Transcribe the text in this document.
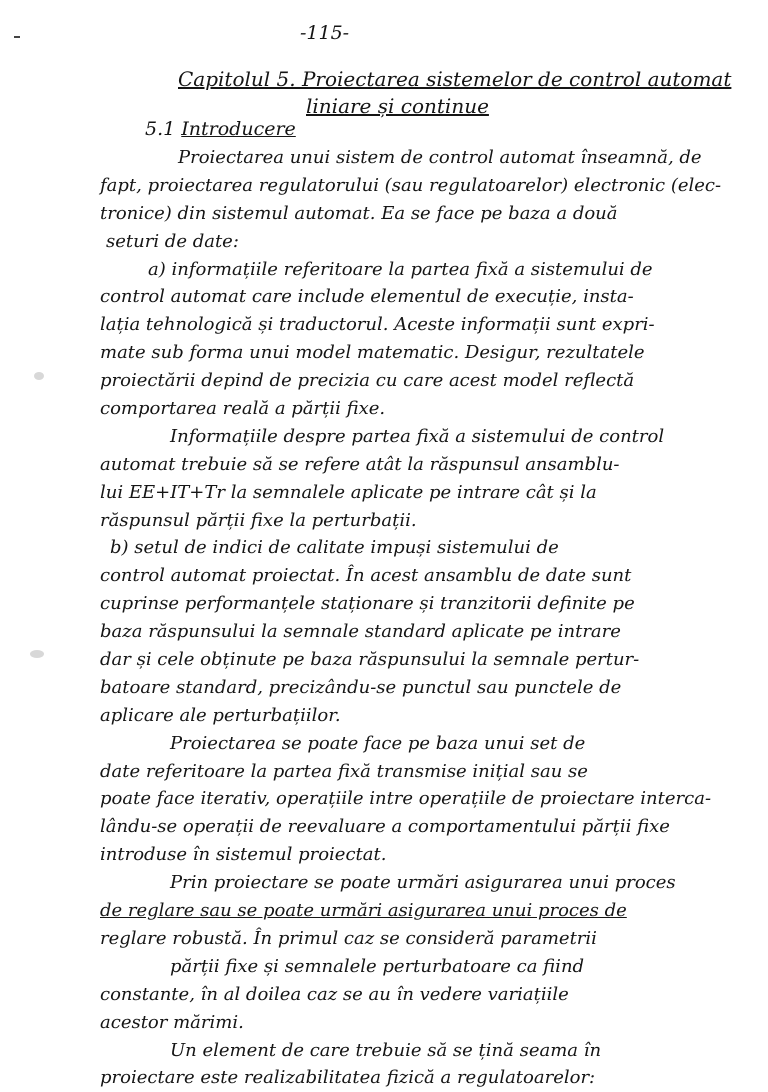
-115-
Capitolul 5. Proiectarea sistemelor de control automat
liniare și continue
5.1 Introducere
Proiectarea unui sistem de control automat înseamnă, de
fapt, proiectarea regulatorului (sau regulatoarelor) electronic (elec-
tronice) din sistemul automat. Ea se face pe baza a două
seturi de date:
a) informațiile referitoare la partea fixă a sistemului de
control automat care include elementul de execuție, insta-
lația tehnologică și traductorul. Aceste informații sunt expri-
mate sub forma unui model matematic. Desigur, rezultatele
proiectării depind de precizia cu care acest model reflectă
comportarea reală a părții fixe.
Informațiile despre partea fixă a sistemului de control
automat trebuie să se refere atât la răspunsul ansamblu-
lui EE+IT+Tr la semnalele aplicate pe intrare cât și la
răspunsul părții fixe la perturbații.
b) setul de indici de calitate impuși sistemului de
control automat proiectat. În acest ansamblu de date sunt
cuprinse performanțele staționare și tranzitorii definite pe
baza răspunsului la semnale standard aplicate pe intrare
dar și cele obținute pe baza răspunsului la semnale pertur-
batoare standard, precizându-se punctul sau punctele de
aplicare ale perturbațiilor.
Proiectarea se poate face pe baza unui set de
date referitoare la partea fixă transmise inițial sau se
poate face iterativ, operațiile intre operațiile de proiectare interca-
lându-se operații de reevaluare a comportamentului părții fixe
introduse în sistemul proiectat.
Prin proiectare se poate urmări asigurarea unui proces
de reglare sau se poate urmări asigurarea unui proces de
reglare robustă. În primul caz se consideră parametrii
părții fixe și semnalele perturbatoare ca fiind
constante, în al doilea caz se au în vedere variațiile
acestor mărimi.
Un element de care trebuie să se țină seama în
proiectare este realizabilitatea fizică a regulatoarelor:
